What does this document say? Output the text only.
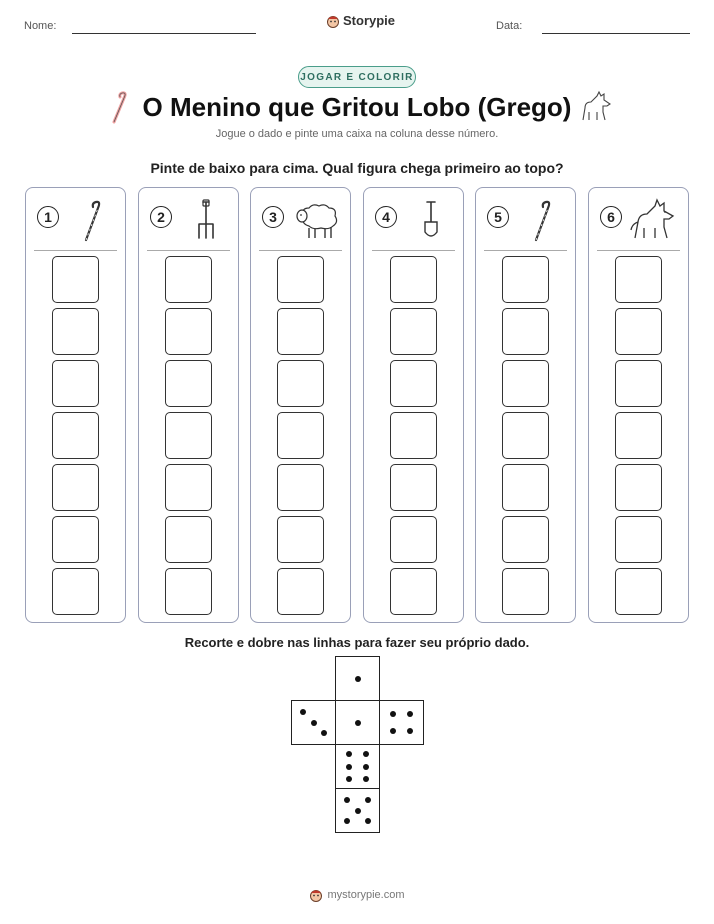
Nome:	Storypie	Data:
JOGAR E COLORIR
O Menino que Gritou Lobo (Grego)
Jogue o dado e pinte uma caixa na coluna desse número.
Pinte de baixo para cima. Qual figura chega primeiro ao topo?
1	2	3	4	5	6
Recorte e dobre nas linhas para fazer seu próprio dado.
mystorypie.com
